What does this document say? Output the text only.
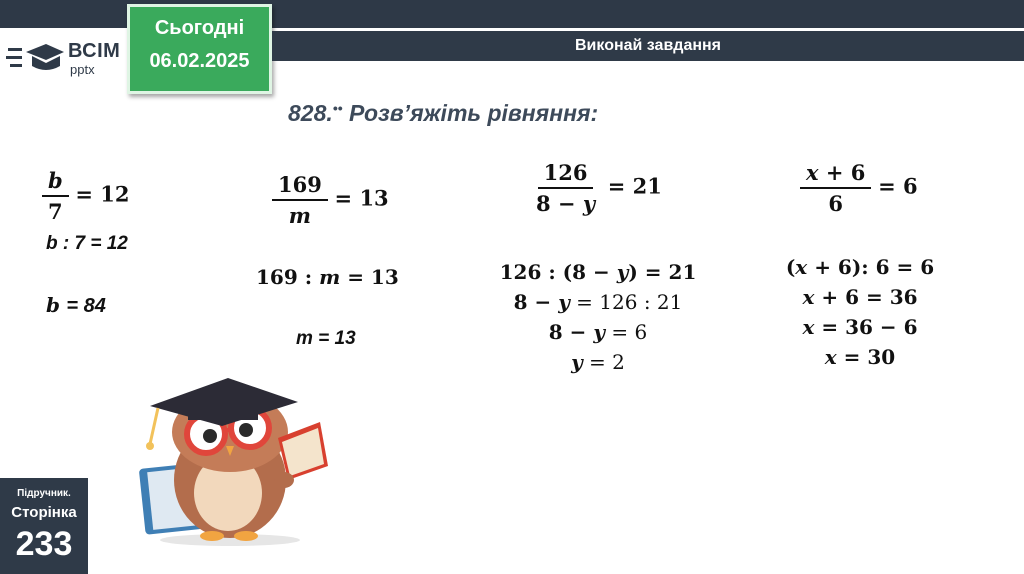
ВСІМ
pptx
Сьогодні
06.02.2025
Виконай завдання
828.•• Розв’яжіть рівняння:
$\frac{b}{7} = 12$
b : 7 = 12
b = 84
$\frac{169}{m} = 13$
169 : m = 13
m = 13
$\frac{126}{8 - y} = 21$
126 : (8 − y) = 21
8 − y = 126 : 21
8 − y = 6
y = 2
$\frac{x + 6}{6} = 6$
(x + 6): 6 = 6
x + 6 = 36
x = 36 − 6
x = 30
Підручник.
Сторінка
233
